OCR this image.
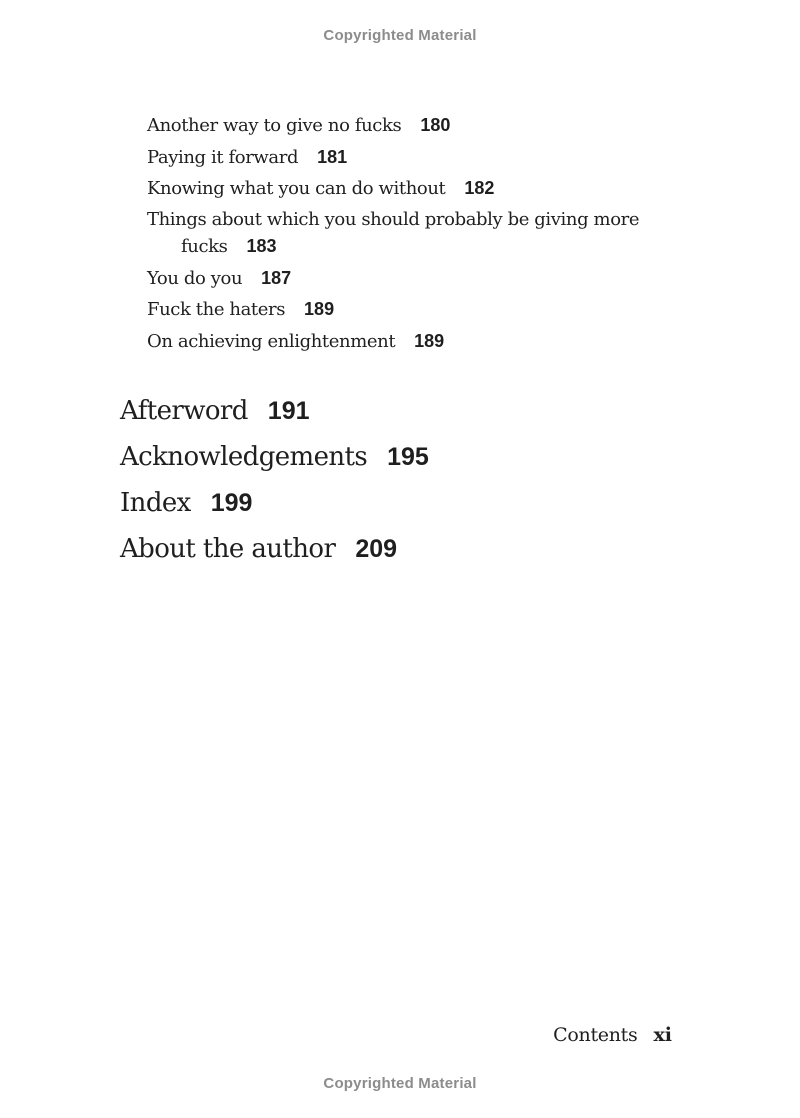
Copyrighted Material
Another way to give no fucks 180
Paying it forward 181
Knowing what you can do without 182
Things about which you should probably be giving more fucks 183
You do you 187
Fuck the haters 189
On achieving enlightenment 189
Afterword 191
Acknowledgements 195
Index 199
About the author 209
Contents xi
Copyrighted Material
